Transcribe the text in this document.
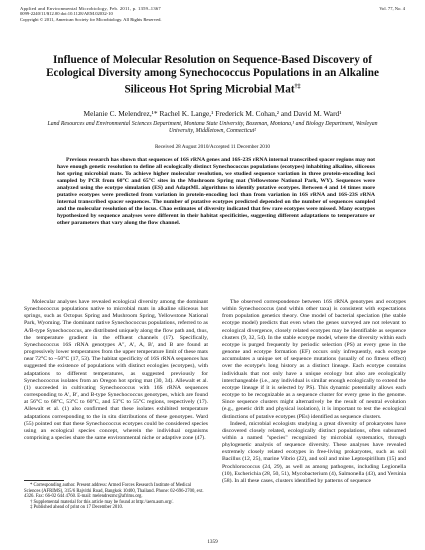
Applied and Environmental Microbiology, Feb. 2011, p. 1359–1367
0099-2240/11/$12.00 doi:10.1128/AEM.02032-10
Copyright © 2011, American Society for Microbiology. All Rights Reserved.
Vol. 77, No. 4
Influence of Molecular Resolution on Sequence-Based Discovery of Ecological Diversity among Synechococcus Populations in an Alkaline Siliceous Hot Spring Microbial Mat†‡
Melanie C. Melendrez,¹* Rachel K. Lange,¹ Frederick M. Cohan,² and David M. Ward¹
Land Resources and Environmental Sciences Department, Montana State University, Bozeman, Montana,¹ and Biology Department, Wesleyan University, Middletown, Connecticut²
Received 28 August 2010/Accepted 11 December 2010
Previous research has shown that sequences of 16S rRNA genes and 16S-23S rRNA internal transcribed spacer regions may not have enough genetic resolution to define all ecologically distinct Synechococcus populations (ecotypes) inhabiting alkaline, siliceous hot spring microbial mats. To achieve higher molecular resolution, we studied sequence variation in three protein-encoding loci sampled by PCR from 60°C and 65°C sites in the Mushroom Spring mat (Yellowstone National Park, WY). Sequences were analyzed using the ecotype simulation (ES) and AdaptML algorithms to identify putative ecotypes. Between 4 and 14 times more putative ecotypes were predicted from variation in protein-encoding loci than from variation in 16S rRNA and 16S-23S rRNA internal transcribed spacer sequences. The number of putative ecotypes predicted depended on the number of sequences sampled and the molecular resolution of the locus. Chao estimates of diversity indicated that few rare ecotypes were missed. Many ecotypes hypothesized by sequence analyses were different in their habitat specificities, suggesting different adaptations to temperature or other parameters that vary along the flow channel.

Molecular analyses have revealed ecological diversity among the dominant Synechococcus populations native to microbial mats in alkaline siliceous hot springs, such as Octopus Spring and Mushroom Spring, Yellowstone National Park, Wyoming. The dominant native Synechococcus populations, referred to as A/B-type Synechococcus, are distributed uniquely along the flow path and, thus, the temperature gradient in the effluent channels (17). Specifically, Synechococcus 16S rRNA genotypes A″, A′, A, B′, and B are found at progressively lower temperatures from the upper temperature limit of these mats near 72°C to ~50°C (17, 53). The habitat specificity of 16S rRNA sequences has suggested the existence of populations with distinct ecologies (ecotypes), with adaptations to different temperatures, as suggested previously for Synechococcus isolates from an Oregon hot spring mat (30, 34). Allewalt et al. (1) succeeded in cultivating Synechococcus with 16S rRNA sequences corresponding to A′, B′, and B-type Synechococcus genotypes, which are found at 56°C to 68°C, 53°C to 60°C, and 53°C to 55°C regions, respectively (17). Allewalt et al. (1) also confirmed that these isolates exhibited temperature adaptations corresponding to the in situ distributions of these genotypes. Ward (55) pointed out that these Synechococcus ecotypes could be considered species using an ecological species concept, wherein the individual organisms comprising a species share the same environmental niche or adaptive zone (47).

The observed correspondence between 16S rRNA genotypes and ecotypes within Synechococcus (and within other taxa) is consistent with expectations from population genetics theory. One model of bacterial speciation (the stable ecotype model) predicts that even when the genes surveyed are not relevant to ecological divergence, closely related ecotypes may be identifiable as sequence clusters (9, 32, 54). In the stable ecotype model, where the diversity within each ecotype is purged frequently by periodic selection (PS) at every gene in the genome and ecotype formation (EF) occurs only infrequently, each ecotype accumulates a unique set of sequence mutations (usually of no fitness effect) over the ecotype's long history as a distinct lineage. Each ecotype contains individuals that not only have a unique ecology but also are ecologically interchangeable (i.e., any individual is similar enough ecologically to extend the ecotype lineage if it is selected by PS). This dynamic potentially allows each ecotype to be recognizable as a sequence cluster for every gene in the genome. Since sequence clusters might alternatively be the result of neutral evolution (e.g., genetic drift and physical isolation), it is important to test the ecological distinctions of putative ecotypes (PEs) identified as sequence clusters.

Indeed, microbial ecologists studying a great diversity of prokaryotes have discovered closely related, ecologically distinct populations, often subsumed within a named "species" recognized by microbial systematics, through phylogenetic analysis of sequence diversity. These analyses have revealed extremely closely related ecotypes in free-living prokaryotes, such as soil Bacillus (12, 25), marine Vibrio (22), and soil and mine Leptospirillum (15) and Prochlorococcus (24, 29), as well as among pathogens, including Legionella (10), Escherichia (28, 50, 51), Mycobacterium (4), Salmonella (43), and Yersinia (58). In all these cases, clusters identified by patterns of sequence

* Corresponding author. Present address: Armed Forces Research Institute of Medical Sciences (AFRIMS), 315/6 Rajvithi Road, Bangkok 10400, Thailand. Phone: 02-696-2700, ext. 4326. Fax: 66-02 644 4760. E-mail: melendrezmc@afrims.org.

† Supplemental material for this article may be found at http://aem.asm.org/.

‡ Published ahead of print on 17 December 2010.

1359
